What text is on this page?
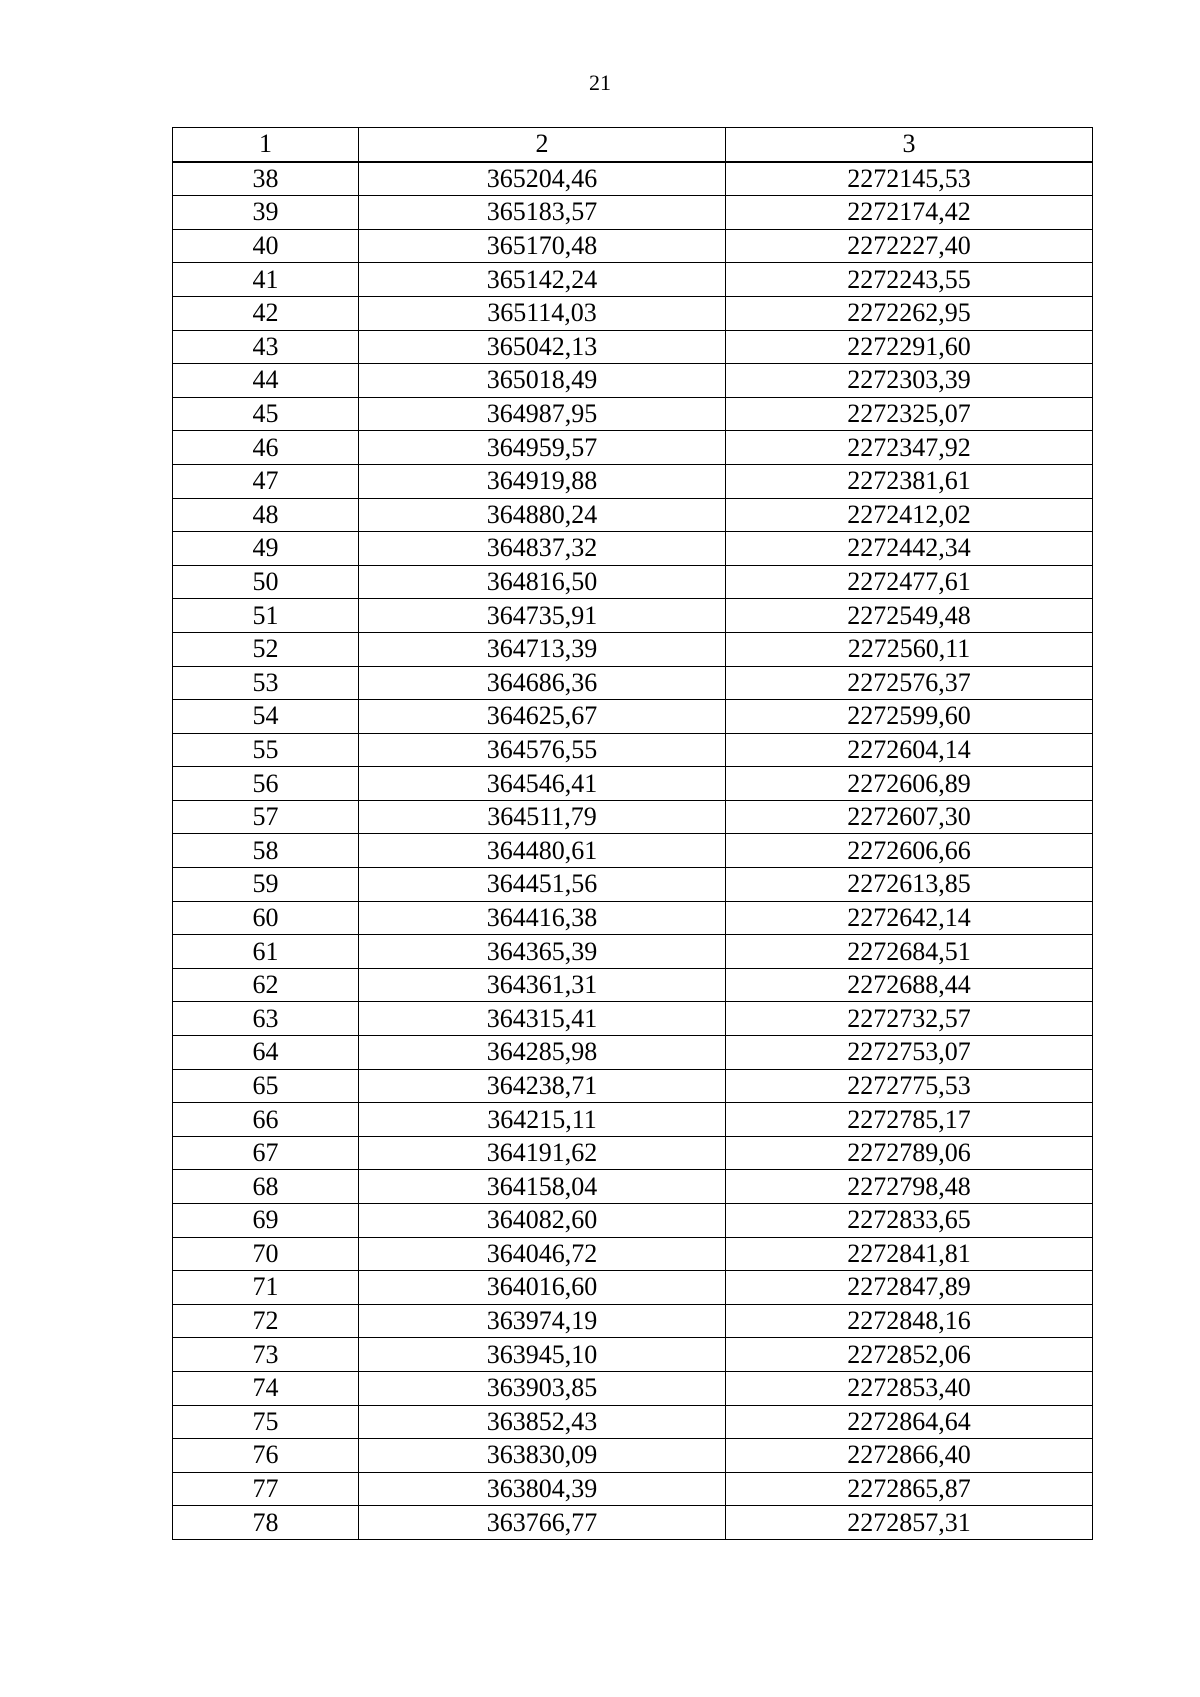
21
1	2	3
38	365204,46	2272145,53
39	365183,57	2272174,42
40	365170,48	2272227,40
41	365142,24	2272243,55
42	365114,03	2272262,95
43	365042,13	2272291,60
44	365018,49	2272303,39
45	364987,95	2272325,07
46	364959,57	2272347,92
47	364919,88	2272381,61
48	364880,24	2272412,02
49	364837,32	2272442,34
50	364816,50	2272477,61
51	364735,91	2272549,48
52	364713,39	2272560,11
53	364686,36	2272576,37
54	364625,67	2272599,60
55	364576,55	2272604,14
56	364546,41	2272606,89
57	364511,79	2272607,30
58	364480,61	2272606,66
59	364451,56	2272613,85
60	364416,38	2272642,14
61	364365,39	2272684,51
62	364361,31	2272688,44
63	364315,41	2272732,57
64	364285,98	2272753,07
65	364238,71	2272775,53
66	364215,11	2272785,17
67	364191,62	2272789,06
68	364158,04	2272798,48
69	364082,60	2272833,65
70	364046,72	2272841,81
71	364016,60	2272847,89
72	363974,19	2272848,16
73	363945,10	2272852,06
74	363903,85	2272853,40
75	363852,43	2272864,64
76	363830,09	2272866,40
77	363804,39	2272865,87
78	363766,77	2272857,31
